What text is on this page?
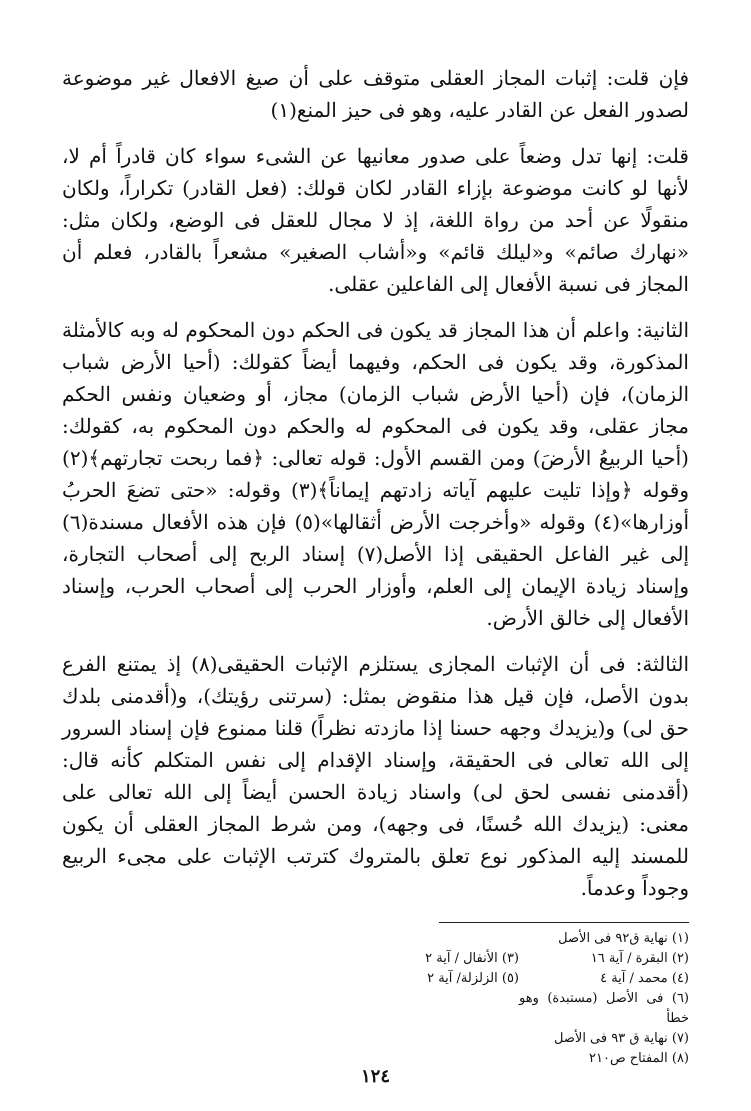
فإن قلت: إثبات المجاز العقلى متوقف على أن صيغ الافعال غير موضوعة لصدور الفعل عن القادر عليه، وهو فى حيز المنع(١)

قلت: إنها تدل وضعاً على صدور معانيها عن الشىء سواء كان قادراً أم لا، لأنها لو كانت موضوعة بإزاء القادر لكان قولك: (فعل القادر) تكراراً، ولكان منقولًا عن أحد من رواة اللغة، إذ لا مجال للعقل فى الوضع، ولكان مثل: «نهارك صائم» و«ليلك قائم» و«أشاب الصغير» مشعراً بالقادر، فعلم أن المجاز فى نسبة الأفعال إلى الفاعلين عقلى.

الثانية: واعلم أن هذا المجاز قد يكون فى الحكم دون المحكوم له وبه كالأمثلة المذكورة، وقد يكون فى الحكم، وفيهما أيضاً كقولك: (أحيا الأرض شباب الزمان)، فإن (أحيا الأرض شباب الزمان) مجاز، أو وضعيان ونفس الحكم مجاز عقلى، وقد يكون فى المحكوم له والحكم دون المحكوم به، كقولك: (أحيا الربيعُ الأرضَ) ومن القسم الأول: قوله تعالى: ﴿فما ربحت تجارتهم﴾(٢) وقوله ﴿وإذا تليت عليهم آياته زادتهم إيماناً﴾(٣) وقوله: «حتى تضعَ الحربُ أوزارها»(٤) وقوله «وأخرجت الأرض أثقالها»(٥) فإن هذه الأفعال مسندة(٦) إلى غير الفاعل الحقيقى إذا الأصل(٧) إسناد الربح إلى أصحاب التجارة، وإسناد زيادة الإيمان إلى العلم، وأوزار الحرب إلى أصحاب الحرب، وإسناد الأفعال إلى خالق الأرض.

الثالثة: فى أن الإثبات المجازى يستلزم الإثبات الحقيقى(٨) إذ يمتنع الفرع بدون الأصل، فإن قيل هذا منقوض بمثل: (سرتنى رؤيتك)، و(أقدمنى بلدك حق لى) و(يزيدك وجهه حسنا إذا مازدته نظراً) قلنا ممنوع فإن إسناد السرور إلى الله تعالى فى الحقيقة، وإسناد الإقدام إلى نفس المتكلم كأنه قال: (أقدمنى نفسى لحق لى) واسناد زيادة الحسن أيضاً إلى الله تعالى على معنى: (يزيدك الله حُسنًا، فى وجهه)، ومن شرط المجاز العقلى أن يكون للمسند إليه المذكور نوع تعلق بالمتروك كترتب الإثبات على مجىء الربيع وجوداً وعدماً.

(١) نهاية ق٩٢ فى الأصل
(٢) البقرة / آية ١٦
(٣) الأنفال / آية ٢
(٤) محمد / آية ٤
(٥) الزلزلة/ آية ٢
(٦) فى الأصل (مستبدة) وهو خطأ
(٧) نهاية ق ٩٣ فى الأصل
(٨) المفتاح ص٢١٠
١٢٤
